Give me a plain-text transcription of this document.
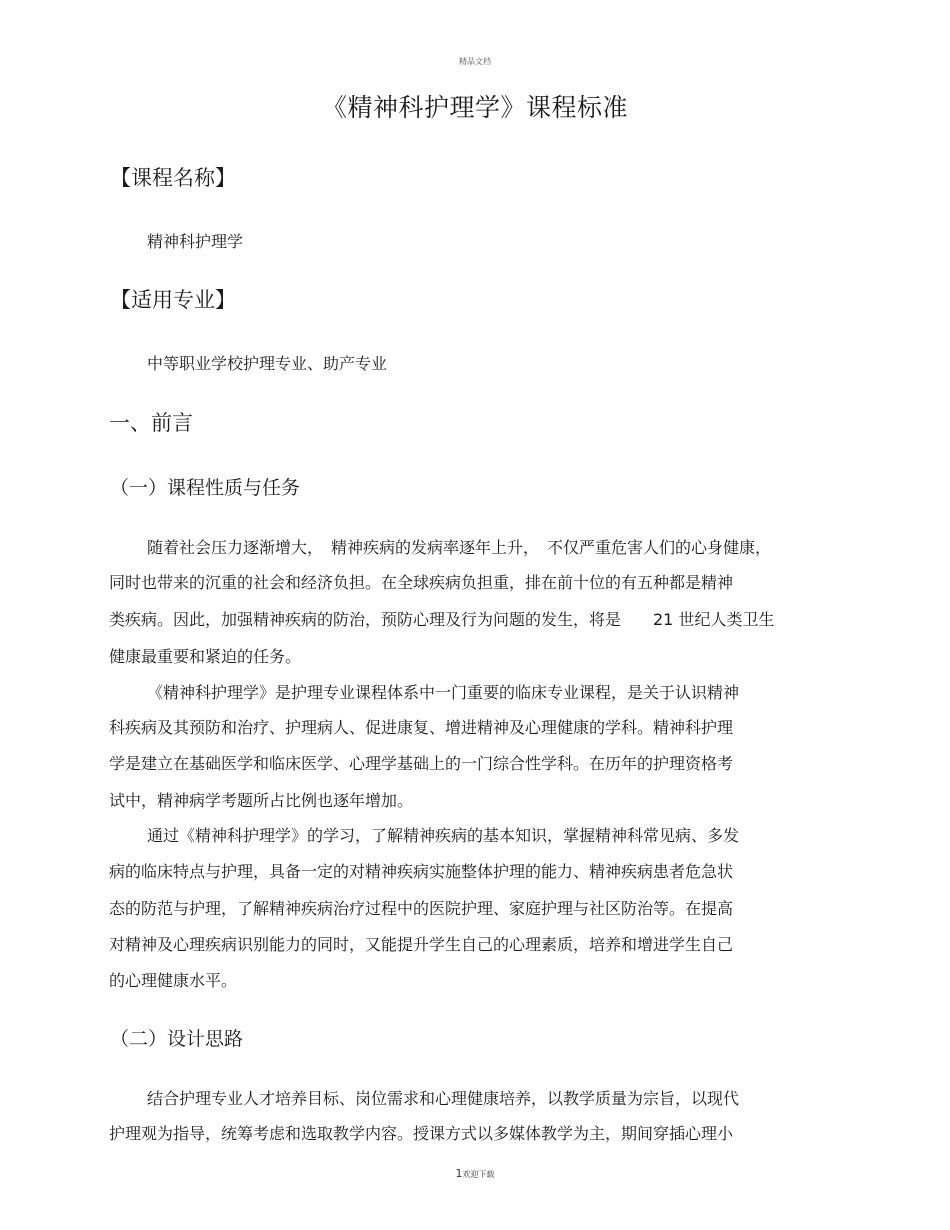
精品文档
《精神科护理学》课程标准
【课程名称】
精神科护理学
【适用专业】
中等职业学校护理专业、助产专业
一、前言
（一）课程性质与任务
随着社会压力逐渐增大，　精神疾病的发病率逐年上升，　不仅严重危害人们的心身健康，
同时也带来的沉重的社会和经济负担。在全球疾病负担重，排在前十位的有五种都是精神
类疾病。因此，加强精神疾病的防治，预防心理及行为问题的发生，将是　　21 世纪人类卫生
健康最重要和紧迫的任务。
《精神科护理学》是护理专业课程体系中一门重要的临床专业课程，是关于认识精神
科疾病及其预防和治疗、护理病人、促进康复、增进精神及心理健康的学科。精神科护理
学是建立在基础医学和临床医学、心理学基础上的一门综合性学科。在历年的护理资格考
试中，精神病学考题所占比例也逐年增加。
通过《精神科护理学》的学习，了解精神疾病的基本知识，掌握精神科常见病、多发
病的临床特点与护理，具备一定的对精神疾病实施整体护理的能力、精神疾病患者危急状
态的防范与护理，了解精神疾病治疗过程中的医院护理、家庭护理与社区防治等。在提高
对精神及心理疾病识别能力的同时，又能提升学生自己的心理素质，培养和增进学生自己
的心理健康水平。
（二）设计思路
结合护理专业人才培养目标、岗位需求和心理健康培养，以教学质量为宗旨，以现代
护理观为指导，统筹考虑和选取教学内容。授课方式以多媒体教学为主，期间穿插心理小
1欢迎下载
